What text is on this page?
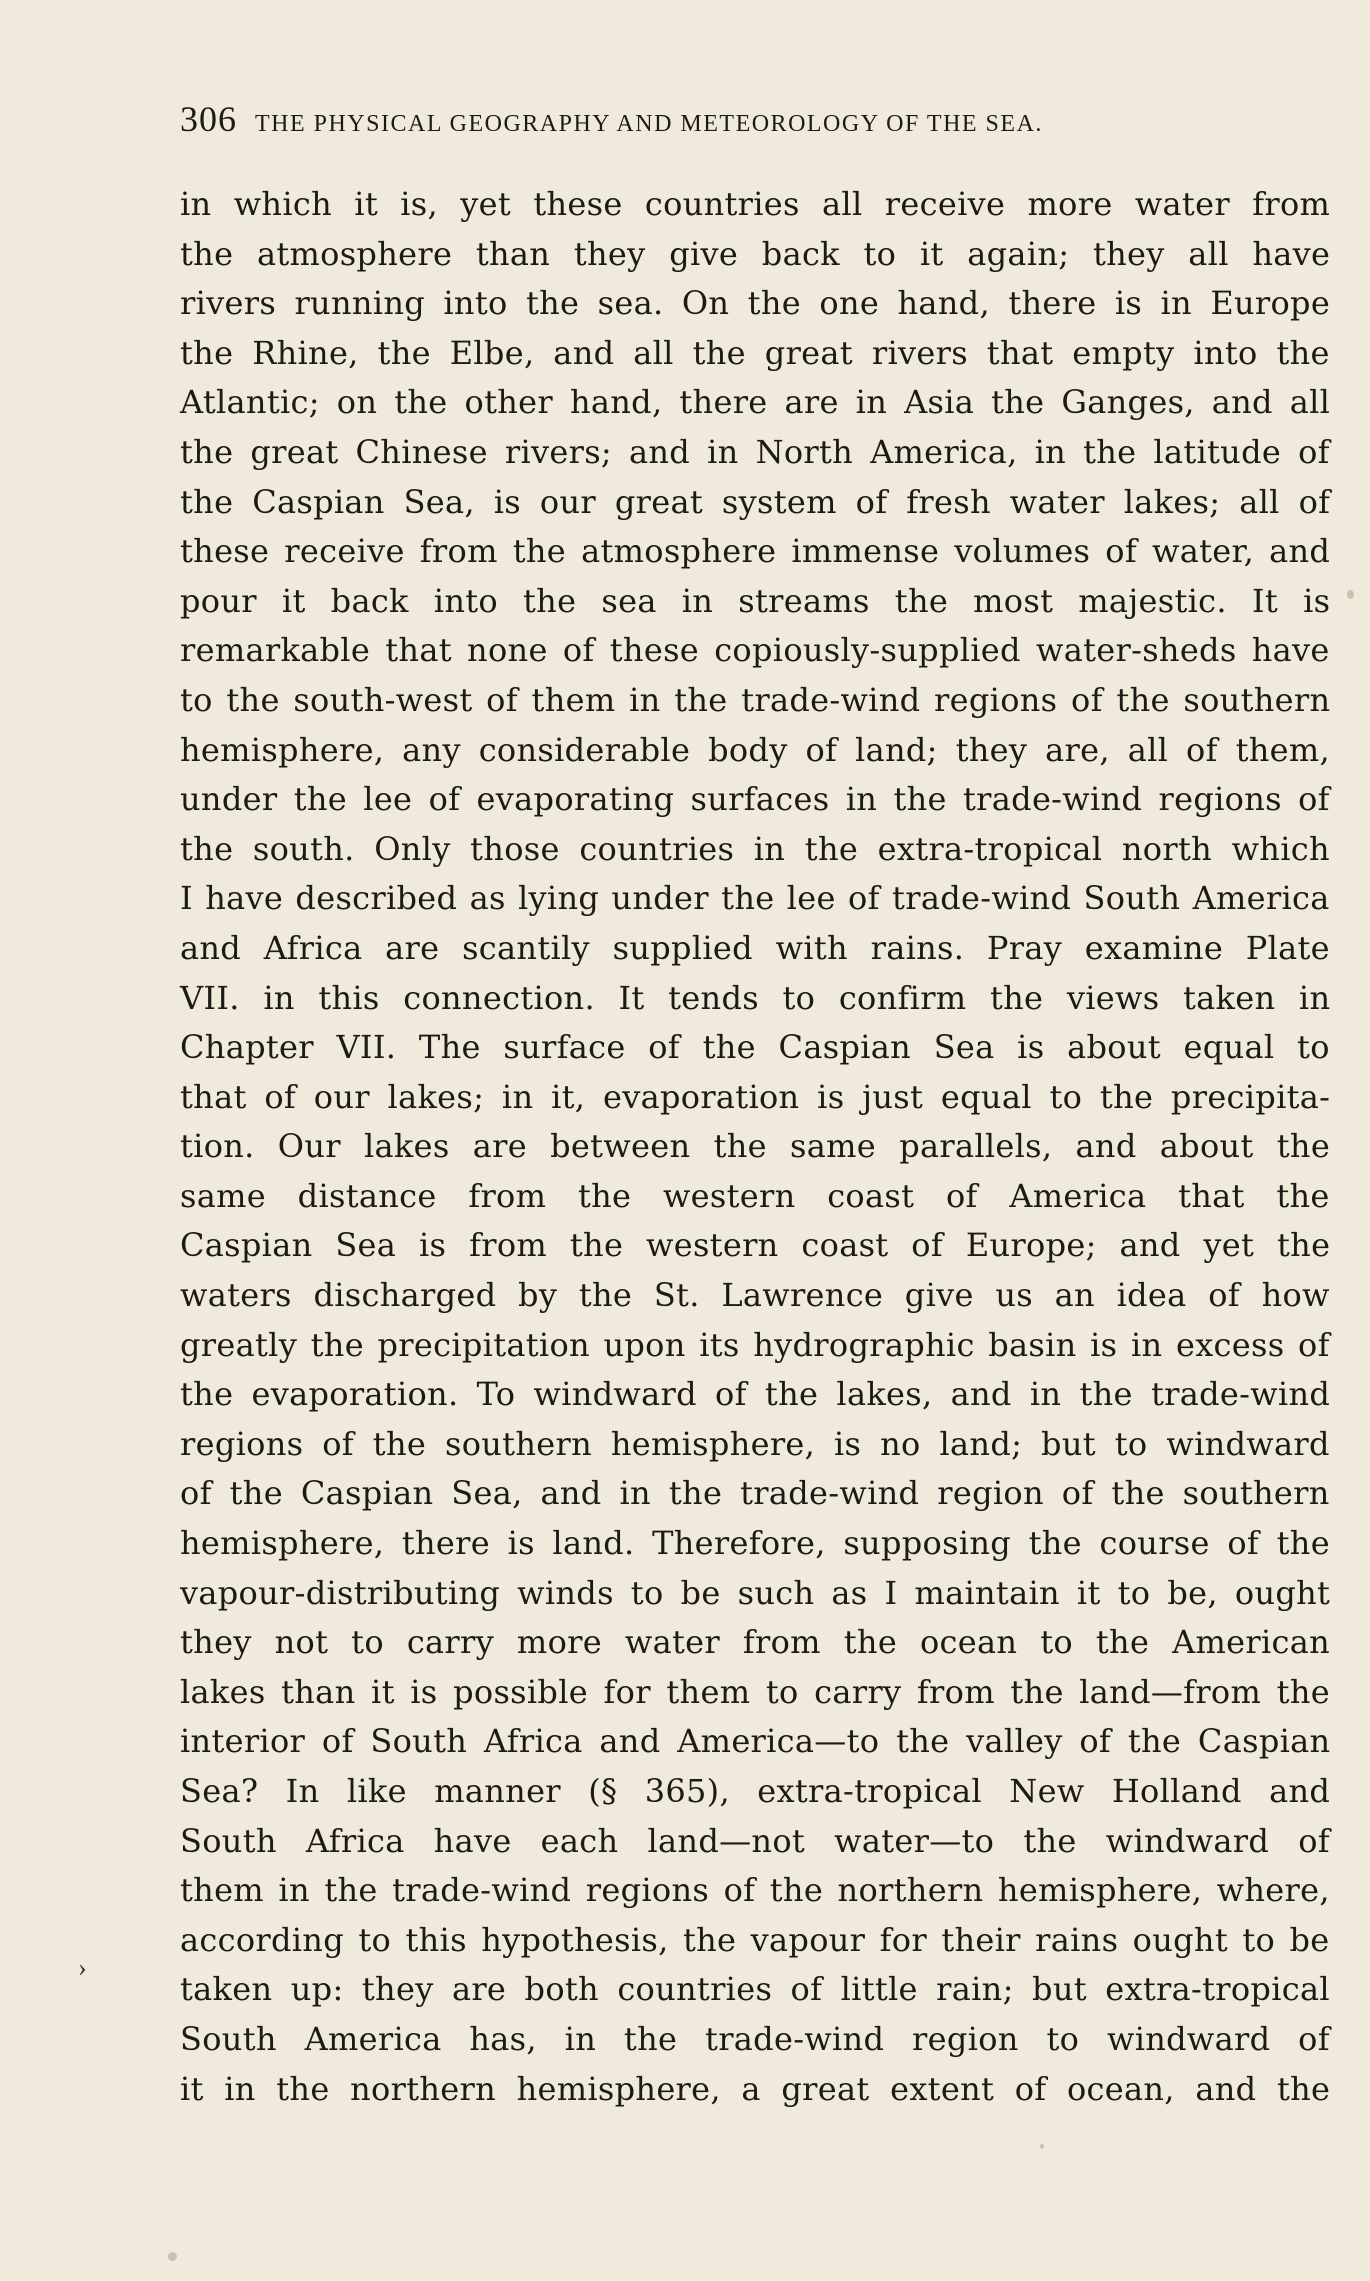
306 THE PHYSICAL GEOGRAPHY AND METEOROLOGY OF THE SEA.
in which it is, yet these countries all receive more water from
the atmosphere than they give back to it again; they all have
rivers running into the sea. On the one hand, there is in Europe
the Rhine, the Elbe, and all the great rivers that empty into the
Atlantic; on the other hand, there are in Asia the Ganges, and all
the great Chinese rivers; and in North America, in the latitude of
the Caspian Sea, is our great system of fresh water lakes; all of
these receive from the atmosphere immense volumes of water, and
pour it back into the sea in streams the most majestic. It is
remarkable that none of these copiously-supplied water-sheds have
to the south-west of them in the trade-wind regions of the southern
hemisphere, any considerable body of land; they are, all of them,
under the lee of evaporating surfaces in the trade-wind regions of
the south. Only those countries in the extra-tropical north which
I have described as lying under the lee of trade-wind South America
and Africa are scantily supplied with rains. Pray examine Plate
VII. in this connection. It tends to confirm the views taken in
Chapter VII. The surface of the Caspian Sea is about equal to
that of our lakes; in it, evaporation is just equal to the precipita-
tion. Our lakes are between the same parallels, and about the
same distance from the western coast of America that the
Caspian Sea is from the western coast of Europe; and yet the
waters discharged by the St. Lawrence give us an idea of how
greatly the precipitation upon its hydrographic basin is in excess of
the evaporation. To windward of the lakes, and in the trade-wind
regions of the southern hemisphere, is no land; but to windward
of the Caspian Sea, and in the trade-wind region of the southern
hemisphere, there is land. Therefore, supposing the course of the
vapour-distributing winds to be such as I maintain it to be, ought
they not to carry more water from the ocean to the American
lakes than it is possible for them to carry from the land—from the
interior of South Africa and America—to the valley of the Caspian
Sea? In like manner (§ 365), extra-tropical New Holland and
South Africa have each land—not water—to the windward of
them in the trade-wind regions of the northern hemisphere, where,
according to this hypothesis, the vapour for their rains ought to be
taken up: they are both countries of little rain; but extra-tropical
South America has, in the trade-wind region to windward of
it in the northern hemisphere, a great extent of ocean, and the
›
